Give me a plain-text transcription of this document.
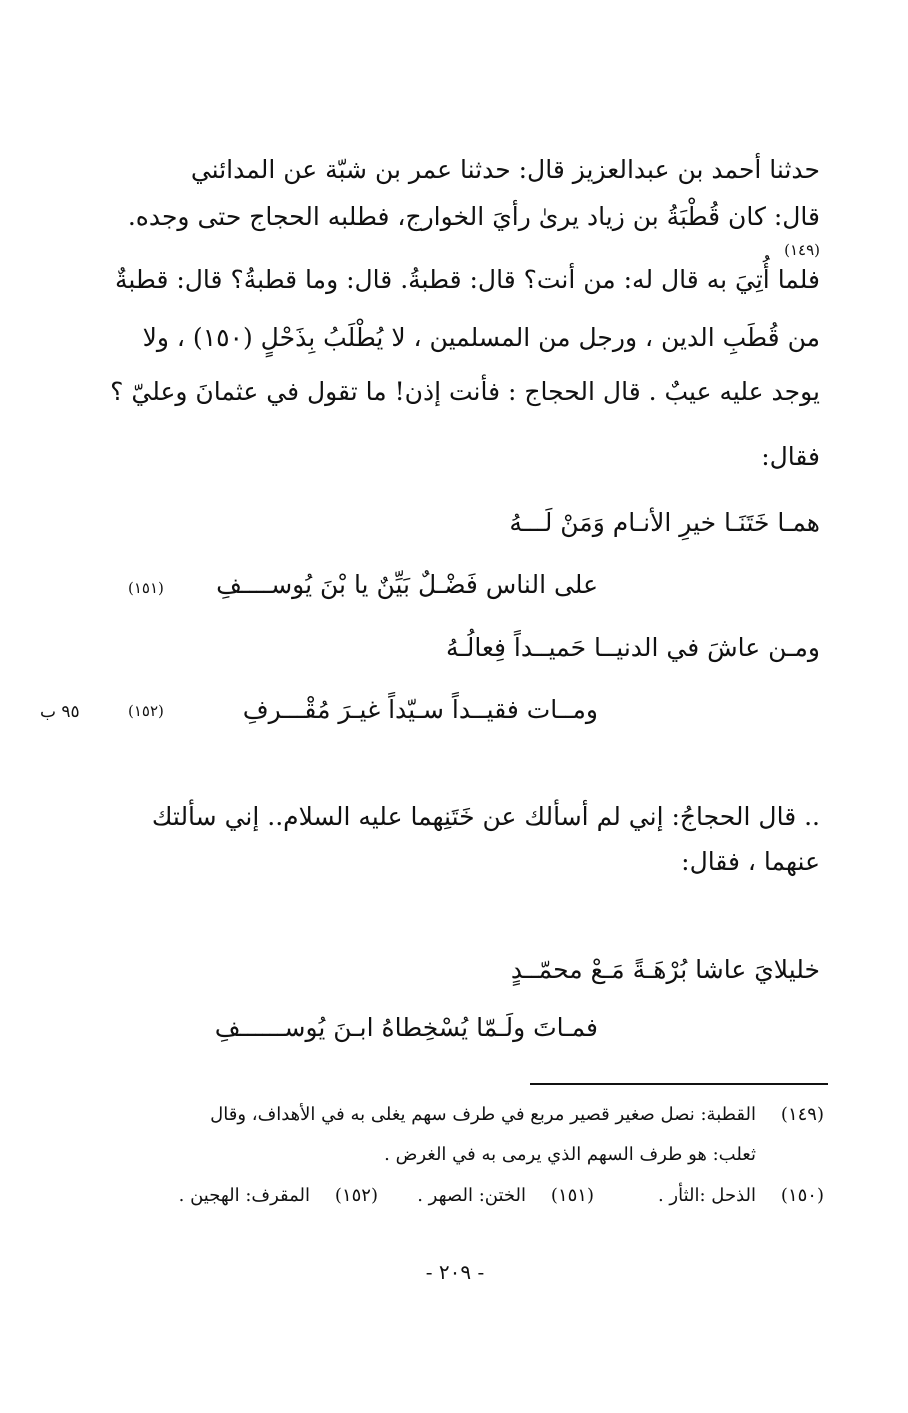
حدثنا أحمد بن عبدالعزيز قال: حدثنا عمر بن شبّة عن المدائني
قال: كان قُطْبَةُ بن زياد يرىٰ رأيَ الخوارج، فطلبه الحجاج حتى وجده.
(١٤٩)
فلما أُتِيَ به قال له: من أنت؟ قال: قطبةُ. قال: وما قطبةُ؟ قال: قطبةٌ
من قُطَبِ الدين ، ورجل من المسلمين ، لا يُطْلَبُ بِذَحْلٍ (١٥٠) ، ولا
يوجد عليه عيبٌ . قال الحجاج : فأنت إذن! ما تقول في عثمانَ وعليّ ؟
فقال:
همـا خَتَنَـا خيرِ الأنـام وَمَنْ لَـــهُ
على الناس فَضْـلٌ بَيِّنٌ يا بْنَ يُوســــفِ
(١٥١)
ومـن عاشَ في الدنيــا حَميــداً فِعالُـهُ
ومــات فقيــداً سـيّداً غيـرَ مُقْـــرفِ
(١٥٢)
٩٥ ب
.. قال الحجاجُ: إني لم أسألك عن خَتَنِهما عليه السلام.. إني سألتك
عنهما ، فقال:
خليلايَ عاشا بُرْهَـةً مَـعْ محمّــدٍ
فمـاتَ ولَـمّا يُسْخِطاهُ ابـنَ يُوســــــفِ
(١٤٩)
القطبة: نصل صغير قصير مربع في طرف سهم يغلى به في الأهداف، وقال
ثعلب: هو طرف السهم الذي يرمى به في الغرض .
(١٥٠)
الذحل :الثأر .
(١٥١)
الختن: الصهر .
(١٥٢)
المقرف: الهجين .
- ٢٠٩ -
